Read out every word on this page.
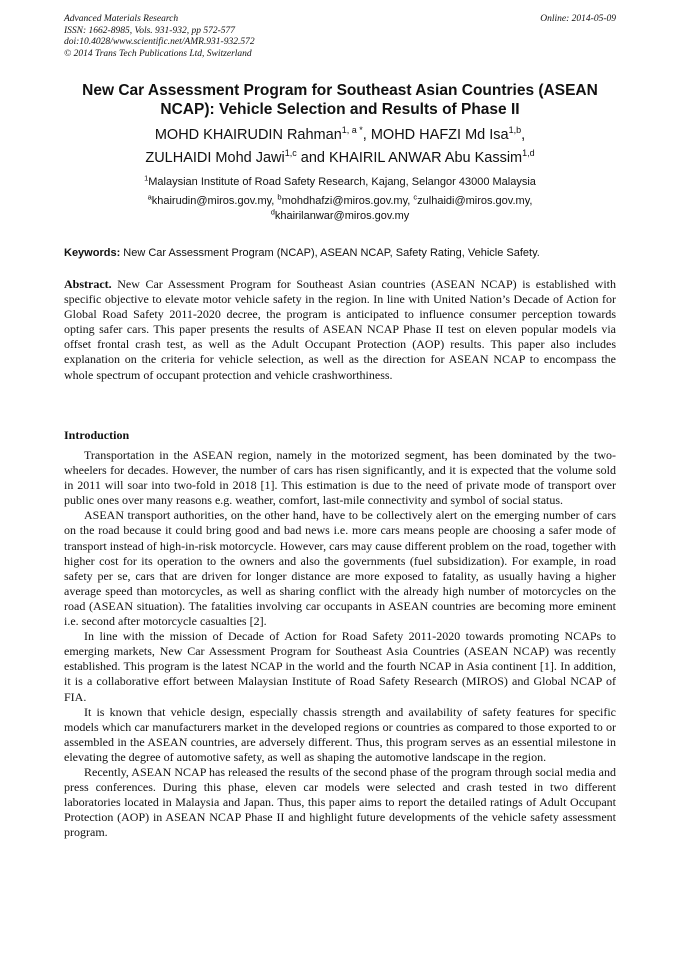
Advanced Materials Research
ISSN: 1662-8985, Vols. 931-932, pp 572-577
doi:10.4028/www.scientific.net/AMR.931-932.572
© 2014 Trans Tech Publications Ltd, Switzerland
Online: 2014-05-09
New Car Assessment Program for Southeast Asian Countries (ASEAN NCAP): Vehicle Selection and Results of Phase II
MOHD KHAIRUDIN Rahman$^{1, a *}$, MOHD HAFZI Md Isa$^{1,b}$,
ZULHAIDI Mohd Jawi$^{1,c}$ and KHAIRIL ANWAR Abu Kassim$^{1,d}$
$^1$Malaysian Institute of Road Safety Research, Kajang, Selangor 43000 Malaysia
$^a$khairudin@miros.gov.my, $^b$mohdhafzi@miros.gov.my, $^c$zulhaidi@miros.gov.my,
$^d$khairilanwar@miros.gov.my
Keywords: New Car Assessment Program (NCAP), ASEAN NCAP, Safety Rating, Vehicle Safety.
Abstract. New Car Assessment Program for Southeast Asian countries (ASEAN NCAP) is established with specific objective to elevate motor vehicle safety in the region. In line with United Nation’s Decade of Action for Global Road Safety 2011-2020 decree, the program is anticipated to influence consumer perception towards opting safer cars. This paper presents the results of ASEAN NCAP Phase II test on eleven popular models via offset frontal crash test, as well as the Adult Occupant Protection (AOP) results. This paper also includes explanation on the criteria for vehicle selection, as well as the direction for ASEAN NCAP to encompass the whole spectrum of occupant protection and vehicle crashworthiness.
Introduction

Transportation in the ASEAN region, namely in the motorized segment, has been dominated by the two-wheelers for decades. However, the number of cars has risen significantly, and it is expected that the volume sold in 2011 will soar into two-fold in 2018 [1]. This estimation is due to the need of private mode of transport over public ones over many reasons e.g. weather, comfort, last-mile connectivity and symbol of social status.

ASEAN transport authorities, on the other hand, have to be collectively alert on the emerging number of cars on the road because it could bring good and bad news i.e. more cars means people are choosing a safer mode of transport instead of high-in-risk motorcycle. However, cars may cause different problem on the road, together with higher cost for its operation to the owners and also the governments (fuel subsidization). For example, in road safety per se, cars that are driven for longer distance are more exposed to fatality, as usually having a higher average speed than motorcycles, as well as sharing conflict with the already high number of motorcycles on the road (ASEAN situation). The fatalities involving car occupants in ASEAN countries are becoming more eminent i.e. second after motorcycle casualties [2].

In line with the mission of Decade of Action for Road Safety 2011-2020 towards promoting NCAPs to emerging markets, New Car Assessment Program for Southeast Asia Countries (ASEAN NCAP) was recently established. This program is the latest NCAP in the world and the fourth NCAP in Asia continent [1]. In addition, it is a collaborative effort between Malaysian Institute of Road Safety Research (MIROS) and Global NCAP of FIA.

It is known that vehicle design, especially chassis strength and availability of safety features for specific models which car manufacturers market in the developed regions or countries as compared to those exported to or assembled in the ASEAN countries, are adversely different. Thus, this program serves as an essential milestone in elevating the degree of automotive safety, as well as shaping the automotive landscape in the region.

Recently, ASEAN NCAP has released the results of the second phase of the program through social media and press conferences. During this phase, eleven car models were selected and crash tested in two different laboratories located in Malaysia and Japan. Thus, this paper aims to report the detailed ratings of Adult Occupant Protection (AOP) in ASEAN NCAP Phase II and highlight future developments of the vehicle safety assessment program.
